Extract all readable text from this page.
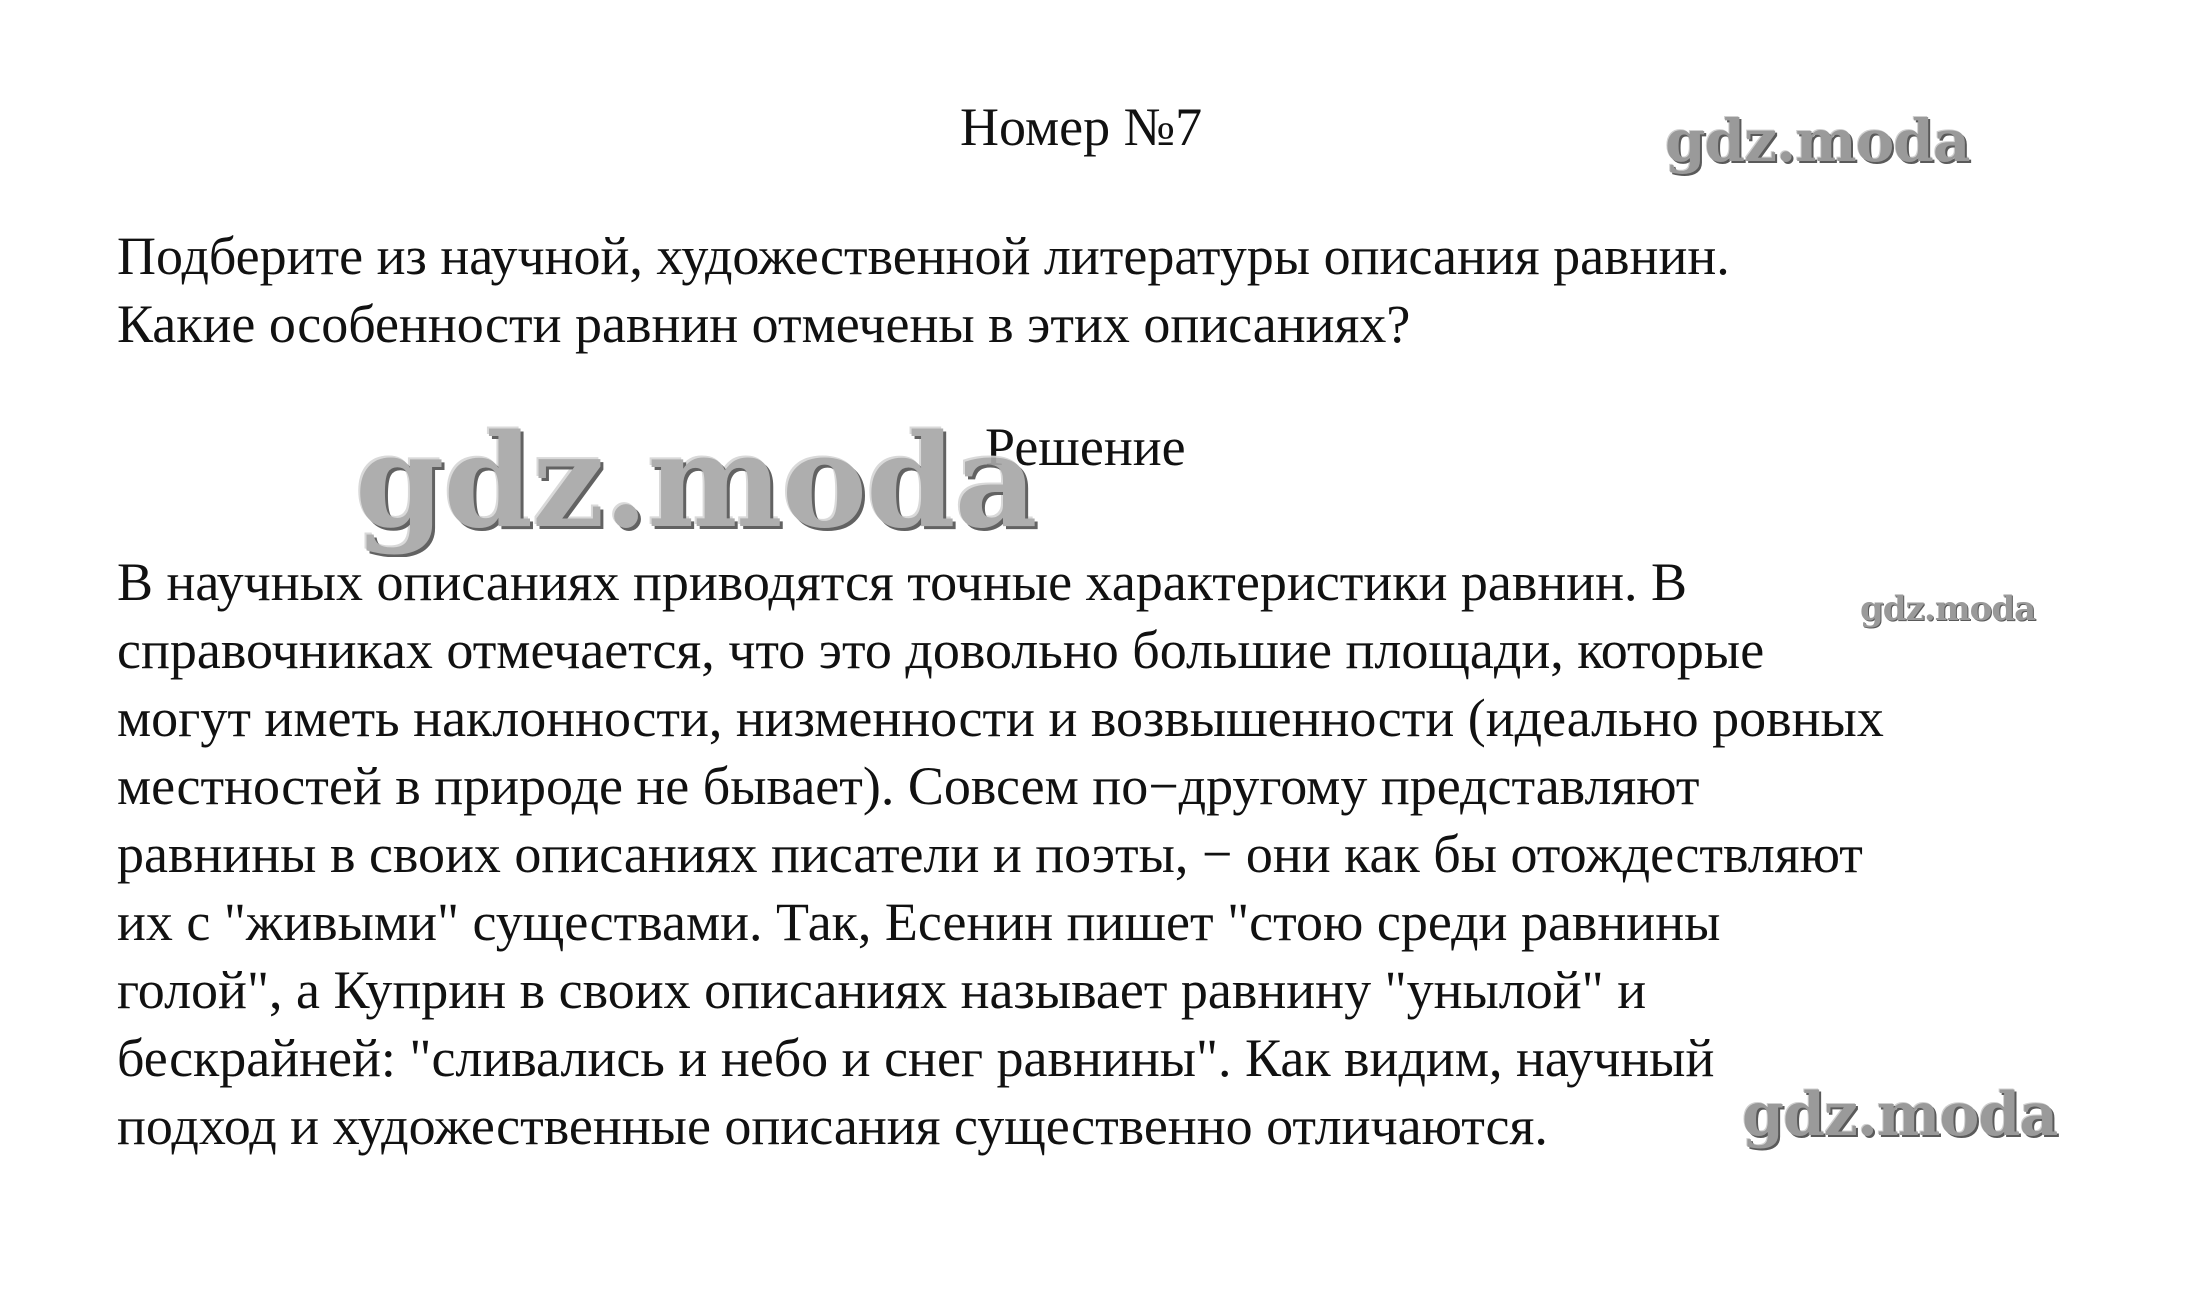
Номер №7	gdz.moda
Подберите из научной, художественной литературы описания равнин.
Какие особенности равнин отмечены в этих описаниях?
gdz.moda
Решение
gdz.moda
В научных описаниях приводятся точные характеристики равнин. В
справочниках отмечается, что это довольно большие площади, которые
могут иметь наклонности, низменности и возвышенности (идеально ровных
местностей в природе не бывает). Совсем по−другому представляют
равнины в своих описаниях писатели и поэты, − они как бы отождествляют
их с "живыми" существами. Так, Есенин пишет "стою среди равнины
голой", а Куприн в своих описаниях называет равнину "унылой" и
бескрайней: "сливались и небо и снег равнины". Как видим, научный
подход и художественные описания существенно отличаются.	gdz.moda
